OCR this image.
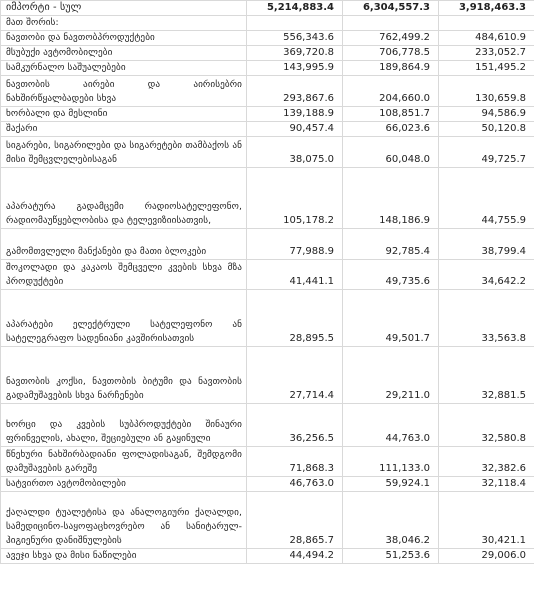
იმპორტი - სულ	5,214,883.4	6,304,557.3	3,918,463.3
მათ შორის:			
ნავთობი და ნავთობპროდუქტები	556,343.6	762,499.2	484,610.9
მსუბუქი ავტომობილები	369,720.8	706,778.5	233,052.7
სამკურნალო საშუალებები	143,995.9	189,864.9	151,495.2
ნავთობის აირები და აირისებრი ნახშირწყალბადები სხვა	293,867.6	204,660.0	130,659.8
ხორბალი და მესლინი	139,188.9	108,851.7	94,586.9
შაქარი	90,457.4	66,023.6	50,120.8
სიგარები, სიგარილები და სიგარეტები თამბაქოს ან მისი შემცვლელებისაგან	38,075.0	60,048.0	49,725.7
აპარატურა გადამცემი რადიოსატელეფონო, რადიომაუწყებლობისა და ტელევიზიისათვის,	105,178.2	148,186.9	44,755.9
გამომთვლელი მანქანები და მათი ბლოკები	77,988.9	92,785.4	38,799.4
შოკოლადი და კაკაოს შემცველი კვების სხვა მზა პროდუქტები	41,441.1	49,735.6	34,642.2
აპარატები ელექტრული სატელეფონო ან სატელეგრაფო სადენიანი კავშირისათვის	28,895.5	49,501.7	33,563.8
ნავთობის კოქსი, ნავთობის ბიტუმი და ნავთობის გადამუშავების სხვა ნარჩენები	27,714.4	29,211.0	32,881.5
ხორცი და კვების სუბპროდუქტები შინაური ფრინველის, ახალი, შეციებული ან გაყინული	36,256.5	44,763.0	32,580.8
წნეხური ნახშირბადიანი ფოლადისაგან, შემდგომი დამუშავების გარეშე	71,868.3	111,133.0	32,382.6
სატვირთო ავტომობილები	46,763.0	59,924.1	32,118.4
ქაღალდი ტუალეტისა და ანალოგიური ქაღალდი, სამედიცინო-საყოფაცხოვრებო ან სანიტარულ-ჰიგიენური დანიშნულების	28,865.7	38,046.2	30,421.1
ავეჯი სხვა და მისი ნაწილები	44,494.2	51,253.6	29,006.0
